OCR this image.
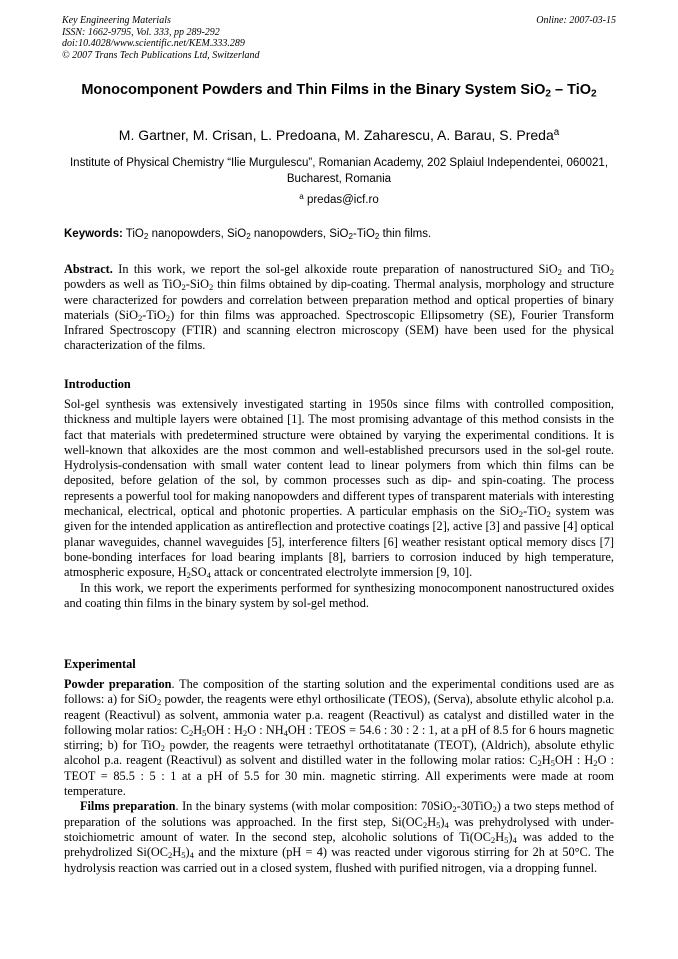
Key Engineering Materials
ISSN: 1662-9795, Vol. 333, pp 289-292
doi:10.4028/www.scientific.net/KEM.333.289
© 2007 Trans Tech Publications Ltd, Switzerland
Online: 2007-03-15
Monocomponent Powders and Thin Films in the Binary System SiO$_2$ – TiO$_2$
M. Gartner, M. Crisan, L. Predoana, M. Zaharescu, A. Barau, S. Preda$^a$
Institute of Physical Chemistry “Ilie Murgulescu”, Romanian Academy, 202 Splaiul Independentei, 060021, Bucharest, Romania
$^a$ predas@icf.ro
Keywords: TiO$_2$ nanopowders, SiO$_2$ nanopowders, SiO$_2$-TiO$_2$ thin films.

Abstract. In this work, we report the sol-gel alkoxide route preparation of nanostructured SiO$_2$ and TiO$_2$ powders as well as TiO$_2$-SiO$_2$ thin films obtained by dip-coating. Thermal analysis, morphology and structure were characterized for powders and correlation between preparation method and optical properties of binary materials (SiO$_2$-TiO$_2$) for thin films was approached. Spectroscopic Ellipsometry (SE), Fourier Transform Infrared Spectroscopy (FTIR) and scanning electron microscopy (SEM) have been used for the physical characterization of the films.

Introduction

Sol-gel synthesis was extensively investigated starting in 1950s since films with controlled composition, thickness and multiple layers were obtained [1]. The most promising advantage of this method consists in the fact that materials with predetermined structure were obtained by varying the experimental conditions. It is well-known that alkoxides are the most common and well-established precursors used in the sol-gel route. Hydrolysis-condensation with small water content lead to linear polymers from which thin films can be deposited, before gelation of the sol, by common processes such as dip- and spin-coating. The process represents a powerful tool for making nanopowders and different types of transparent materials with interesting mechanical, electrical, optical and photonic properties. A particular emphasis on the SiO$_2$-TiO$_2$ system was given for the intended application as antireflection and protective coatings [2], active [3] and passive [4] optical planar waveguides, channel waveguides [5], interference filters [6] weather resistant optical memory discs [7] bone-bonding interfaces for load bearing implants [8], barriers to corrosion induced by high temperature, atmospheric exposure, $H_2SO_4$ attack or concentrated electrolyte immersion [9, 10].

In this work, we report the experiments performed for synthesizing monocomponent nanostructured oxides and coating thin films in the binary system by sol-gel method.

Experimental

Powder preparation. The composition of the starting solution and the experimental conditions used are as follows: a) for SiO$_2$ powder, the reagents were ethyl orthosilicate (TEOS), (Serva), absolute ethylic alcohol p.a. reagent (Reactivul) as solvent, ammonia water p.a. reagent (Reactivul) as catalyst and distilled water in the following molar ratios: $C_2H_5OH$ : $H_2O$ : $NH_4OH$ : TEOS = 54.6 : 30 : 2 : 1, at a pH of 8.5 for 6 hours magnetic stirring; b) for TiO$_2$ powder, the reagents were tetraethyl orthotitatanate (TEOT), (Aldrich), absolute ethylic alcohol p.a. reagent (Reactivul) as solvent and distilled water in the following molar ratios: $C_2H_5OH$ : $H_2O$ : TEOT = 85.5 : 5 : 1 at a pH of 5.5 for 30 min. magnetic stirring. All experiments were made at room temperature.

Films preparation. In the binary systems (with molar composition: 70SiO$_2$-30TiO$_2$) a two steps method of preparation of the solutions was approached. In the first step, $Si(OC_2H_5)_4$ was prehydrolysed with under-stoichiometric amount of water. In the second step, alcoholic solutions of $Ti(OC_2H_5)_4$ was added to the prehydrolized $Si(OC_2H_5)_4$ and the mixture (pH = 4) was reacted under vigorous stirring for 2h at 50°C. The hydrolysis reaction was carried out in a closed system, flushed with purified nitrogen, via a dropping funnel.
